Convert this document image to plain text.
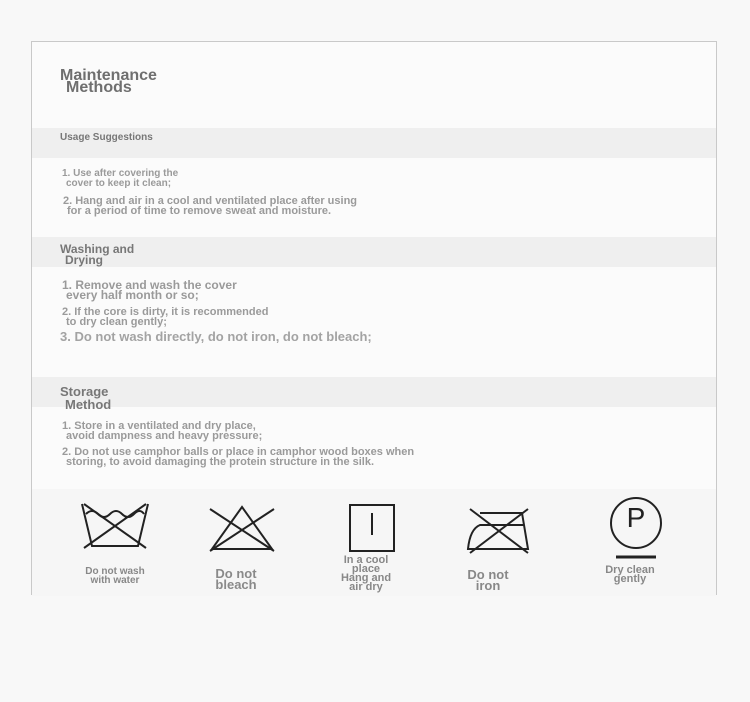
Maintenance
Methods
Usage Suggestions
1. Use after covering the
cover to keep it clean;
2. Hang and air in a cool and ventilated place after using
for a period of time to remove sweat and moisture.
Washing and
Drying
1. Remove and wash the cover
every half month or so;
2. If the core is dirty, it is recommended
to dry clean gently;
3. Do not wash directly, do not iron, do not bleach;
Storage
Method
1. Store in a ventilated and dry place,
avoid dampness and heavy pressure;
2. Do not use camphor balls or place in camphor wood boxes when
storing, to avoid damaging the protein structure in the silk.
Do not wash
with water	Do not
bleach
In a cool
place
Hang and
air dry
Do not
iron
P
Dry clean
gently
